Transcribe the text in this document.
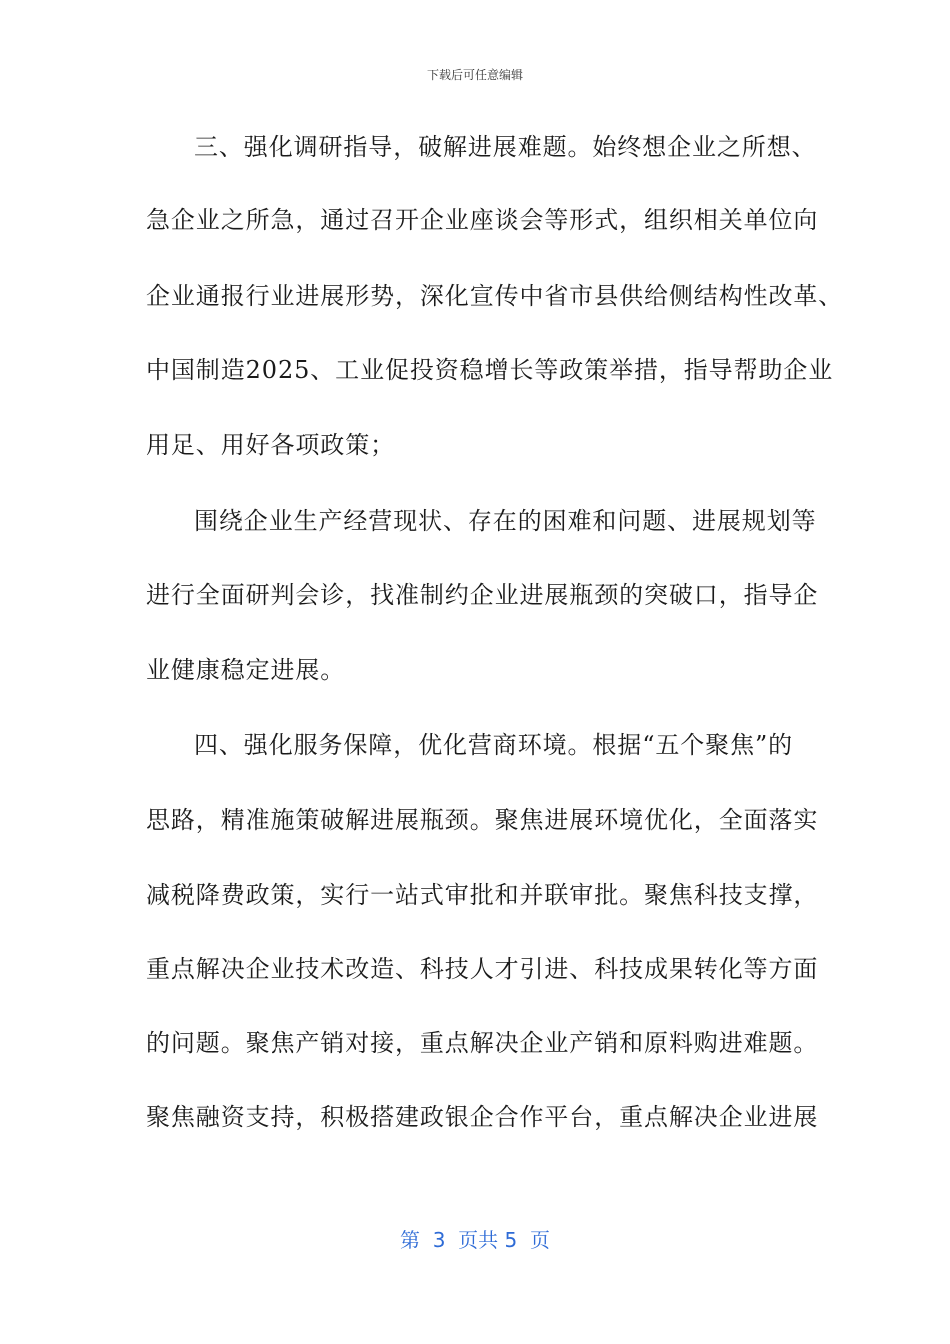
下载后可任意编辑
三、强化调研指导，破解进展难题。始终想企业之所想、
急企业之所急，通过召开企业座谈会等形式，组织相关单位向
企业通报行业进展形势，深化宣传中省市县供给侧结构性改革、
中国制造2025、工业促投资稳增长等政策举措，指导帮助企业
用足、用好各项政策；
围绕企业生产经营现状、存在的困难和问题、进展规划等
进行全面研判会诊，找准制约企业进展瓶颈的突破口，指导企
业健康稳定进展。
四、强化服务保障，优化营商环境。根据“五个聚焦”的
思路，精准施策破解进展瓶颈。聚焦进展环境优化，全面落实
减税降费政策，实行一站式审批和并联审批。聚焦科技支撑，
重点解决企业技术改造、科技人才引进、科技成果转化等方面
的问题。聚焦产销对接，重点解决企业产销和原料购进难题。
聚焦融资支持，积极搭建政银企合作平台，重点解决企业进展
第  3  页共 5  页
